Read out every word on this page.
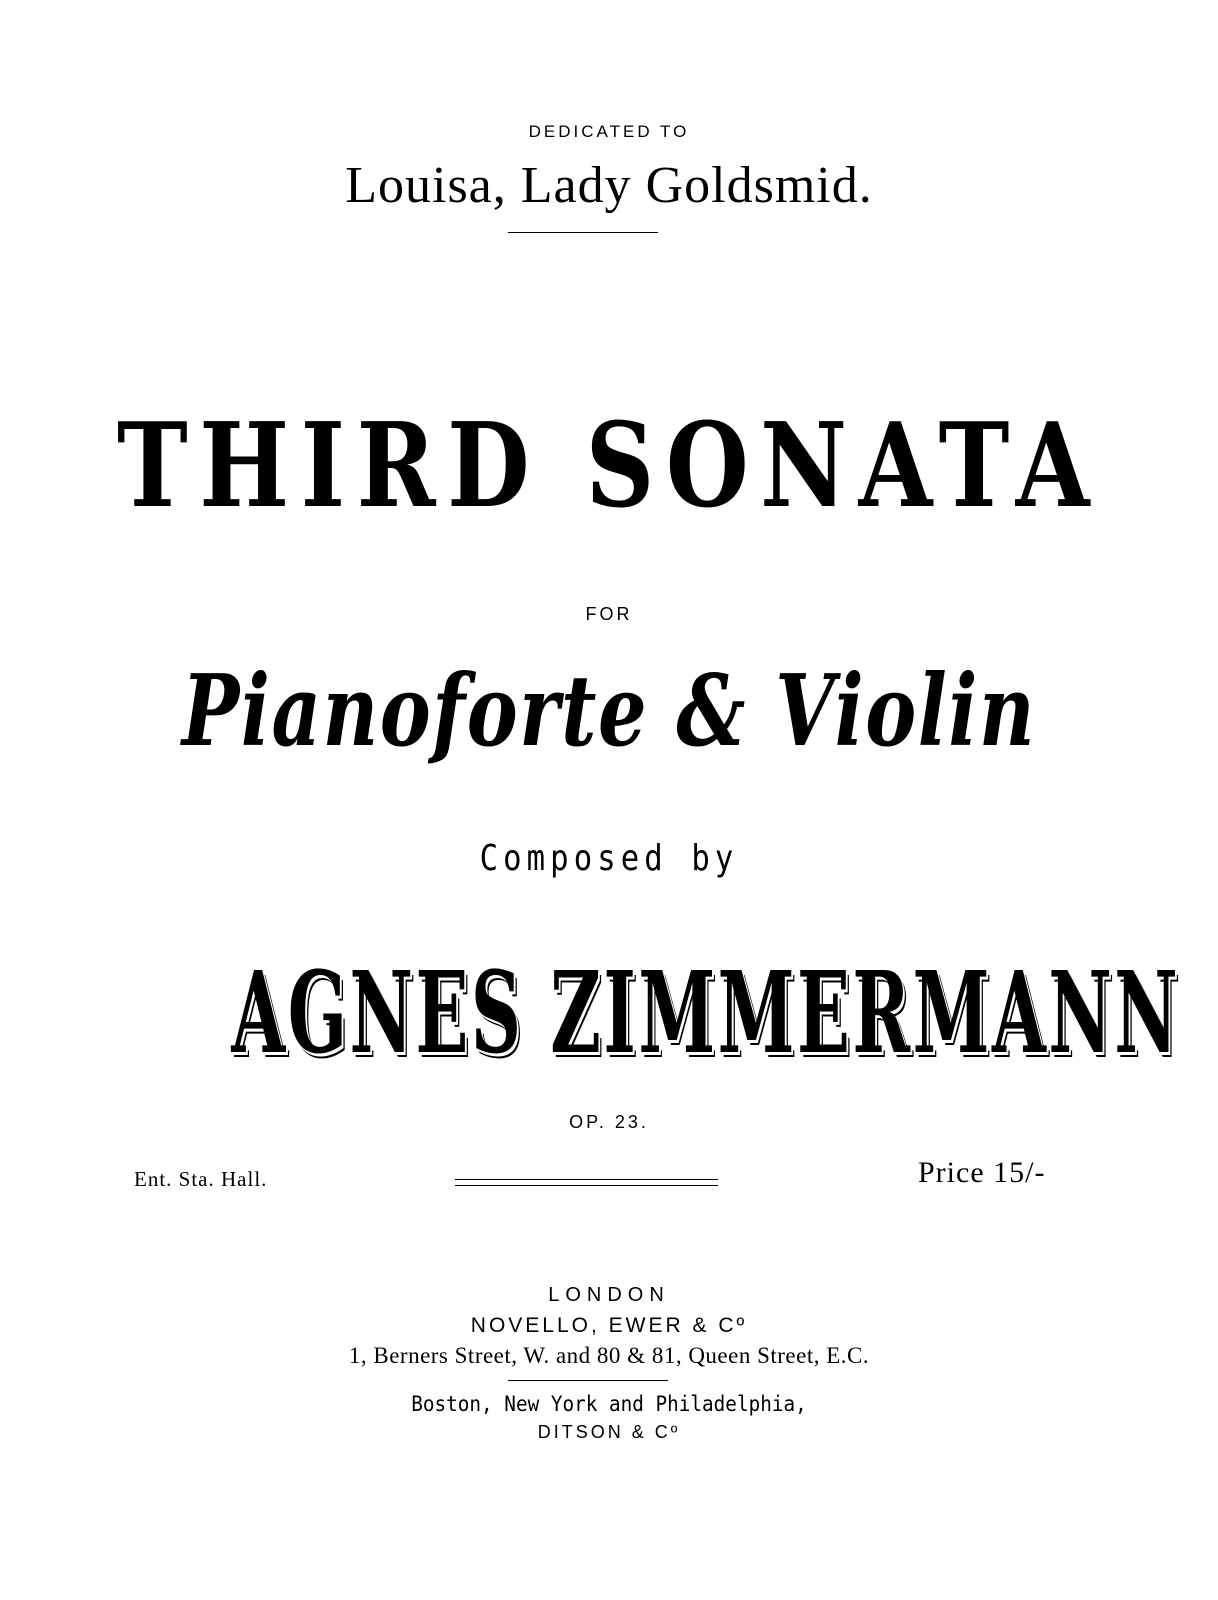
DEDICATED TO
Louisa, Lady Goldsmid.
THIRD SONATA
FOR
Pianoforte & Violin
Composed by
AGNES ZIMMERMANN
OP. 23.
Ent. Sta. Hall.	Price 15/-
LONDON
NOVELLO, EWER & Cº
1, Berners Street, W. and 80 & 81, Queen Street, E.C.
Boston, New York and Philadelphia,
DITSON & Cº
